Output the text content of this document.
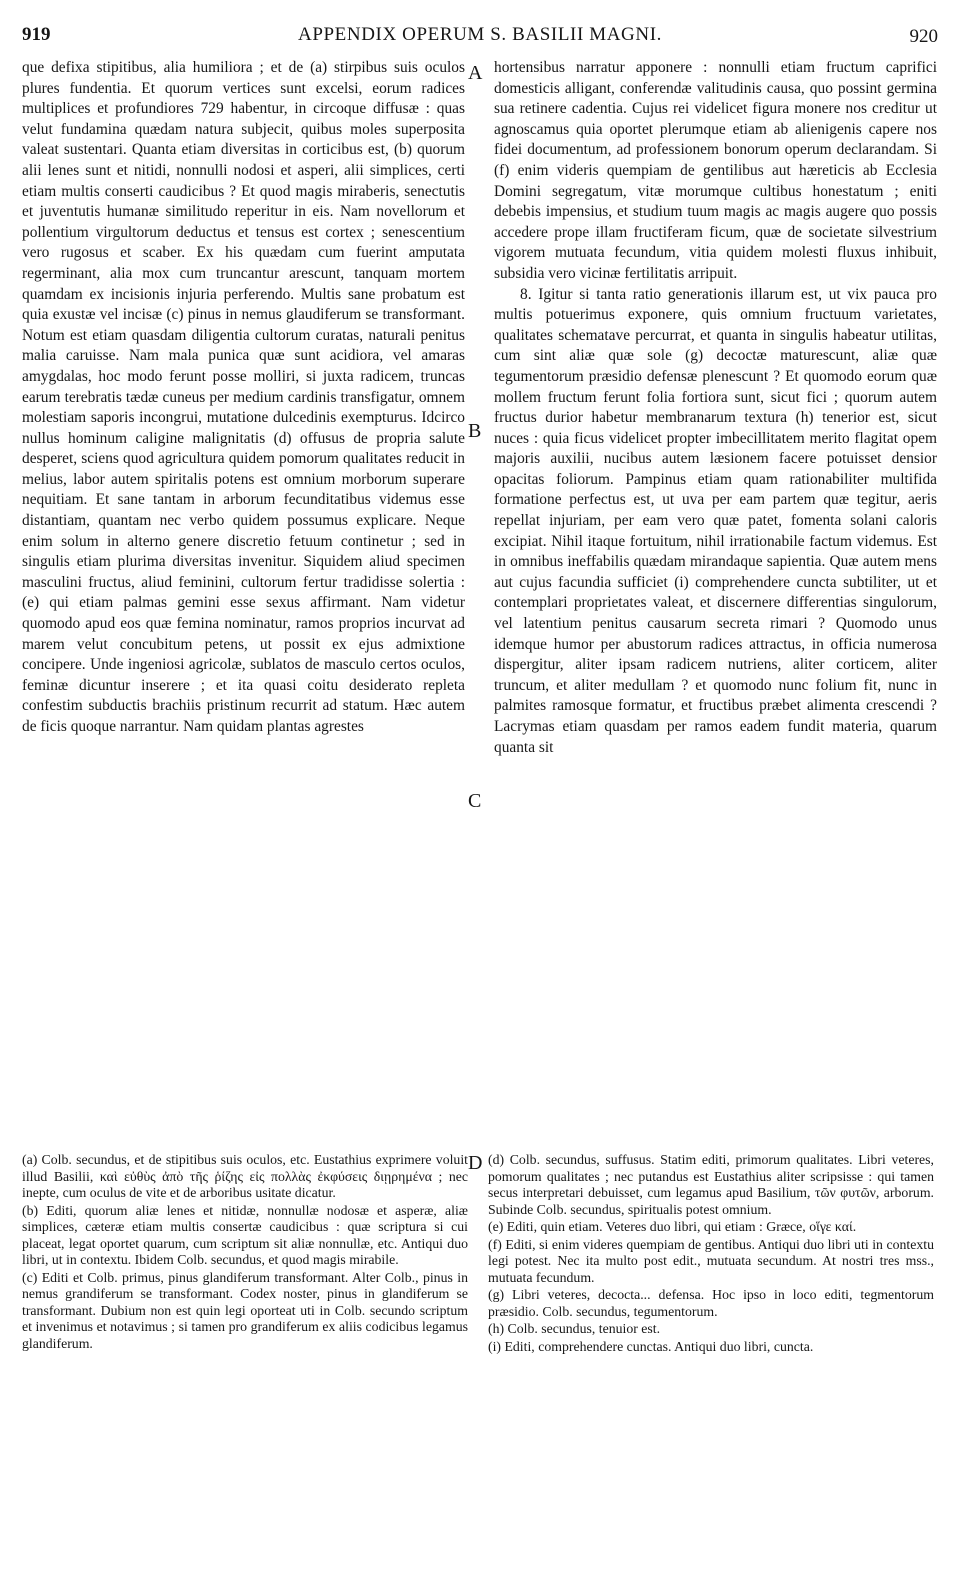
919	APPENDIX OPERUM S. BASILII MAGNI.	920
que defixa stipitibus, alia humiliora ; et de (a) stirpibus suis oculos plures fundentia. Et quorum vertices sunt excelsi, eorum radices multiplices et profundiores 729 habentur, in circoque diffusæ : quas velut fundamina quædam natura subjecit, quibus moles superposita valeat sustentari. Quanta etiam diversitas in corticibus est, (b) quorum alii lenes sunt et nitidi, nonnulli nodosi et asperi, alii simplices, certi etiam multis conserti caudicibus ? Et quod magis miraberis, senectutis et juventutis humanæ similitudo reperitur in eis. Nam novellorum et pollentium virgultorum deductus et tensus est cortex ; senescentium vero rugosus et scaber. Ex his quædam cum fuerint amputata regerminant, alia mox cum truncantur arescunt, tanquam mortem quamdam ex incisionis injuria perferendo. Multis sane probatum est quia exustæ vel incisæ (c) pinus in nemus glaudiferum se transformant. Notum est etiam quasdam diligentia cultorum curatas, naturali penitus malia caruisse. Nam mala punica quæ sunt acidiora, vel amaras amygdalas, hoc modo ferunt posse molliri, si juxta radicem, truncas earum terebratis tædæ cuneus per medium cardinis transfigatur, omnem molestiam saporis incongrui, mutatione dulcedinis exempturus. Idcirco nullus hominum caligine malignitatis (d) offusus de propria salute desperet, sciens quod agricultura quidem pomorum qualitates reducit in melius, labor autem spiritalis potens est omnium morborum superare nequitiam. Et sane tantam in arborum fecunditatibus videmus esse distantiam, quantam nec verbo quidem possumus explicare. Neque enim solum in alterno genere discretio fetuum continetur ; sed in singulis etiam plurima diversitas invenitur. Siquidem aliud specimen masculini fructus, aliud feminini, cultorum fertur tradidisse solertia : (e) qui etiam palmas gemini esse sexus affirmant. Nam videtur quomodo apud eos quæ femina nominatur, ramos proprios incurvat ad marem velut concubitum petens, ut possit ex ejus admixtione concipere. Unde ingeniosi agricolæ, sublatos de masculo certos oculos, feminæ dicuntur inserere ; et ita quasi coitu desiderato repleta confestim subductis brachiis pristinum recurrit ad statum. Hæc autem de ficis quoque narrantur. Nam quidam plantas agrestes
A
B
C
D
hortensibus narratur apponere : nonnulli etiam fructum caprifici domesticis alligant, conferendæ valitudinis causa, quo possint germina sua retinere cadentia. Cujus rei videlicet figura monere nos creditur ut agnoscamus quia oportet plerumque etiam ab alienigenis capere nos fidei documentum, ad professionem bonorum operum declarandam. Si (f) enim videris quempiam de gentilibus aut hæreticis ab Ecclesia Domini segregatum, vitæ morumque cultibus honestatum ; eniti debebis impensius, et studium tuum magis ac magis augere quo possis accedere prope illam fructiferam ficum, quæ de societate silvestrium vigorem mutuata fecundum, vitia quidem molesti fluxus inhibuit, subsidia vero vicinæ fertilitatis arripuit.
8. Igitur si tanta ratio generationis illarum est, ut vix pauca pro multis potuerimus exponere, quis omnium fructuum varietates, qualitates schematave percurrat, et quanta in singulis habeatur utilitas, cum sint aliæ quæ sole (g) decoctæ maturescunt, aliæ quæ tegumentorum præsidio defensæ plenescunt ? Et quomodo eorum quæ mollem fructum ferunt folia fortiora sunt, sicut fici ; quorum autem fructus durior habetur membranarum textura (h) tenerior est, sicut nuces : quia ficus videlicet propter imbecillitatem merito flagitat opem majoris auxilii, nucibus autem læsionem facere potuisset densior opacitas foliorum. Pampinus etiam quam rationabiliter multifida formatione perfectus est, ut uva per eam partem quæ tegitur, aeris repellat injuriam, per eam vero quæ patet, fomenta solani caloris excipiat. Nihil itaque fortuitum, nihil irrationabile factum videmus. Est in omnibus ineffabilis quædam mirandaque sapientia. Quæ autem mens aut cujus facundia sufficiet (i) comprehendere cuncta subtiliter, ut et contemplari proprietates valeat, et discernere differentias singulorum, vel latentium penitus causarum secreta rimari ? Quomodo unus idemque humor per abustorum radices attractus, in officia numerosa dispergitur, aliter ipsam radicem nutriens, aliter corticem, aliter truncum, et aliter medullam ? et quomodo nunc folium fit, nunc in palmites ramosque formatur, et fructibus præbet alimenta crescendi ? Lacrymas etiam quasdam per ramos eadem fundit materia, quarum quanta sit
(a) Colb. secundus, et de stipitibus suis oculos, etc. Eustathius exprimere voluit illud Basilii, καὶ εὐθὺς ἀπὸ τῆς ῥίζης εἰς πολλὰς ἐκφύσεις διῃρημένα ; nec inepte, cum oculus de vite et de arboribus usitate dicatur.
(b) Editi, quorum aliæ lenes et nitidæ, nonnullæ nodosæ et asperæ, aliæ simplices, cæteræ etiam multis consertæ caudicibus : quæ scriptura si cui placeat, legat oportet quarum, cum scriptum sit aliæ nonnullæ, etc. Antiqui duo libri, ut in contextu. Ibidem Colb. secundus, et quod magis mirabile.
(c) Editi et Colb. primus, pinus glandiferum transformant. Alter Colb., pinus in nemus grandiferum se transformant. Codex noster, pinus in glandiferum se transformant. Dubium non est quin legi oporteat uti in Colb. secundo scriptum et invenimus et notavimus ; si tamen pro grandiferum ex aliis codicibus legamus glandiferum.
(d) Colb. secundus, suffusus. Statim editi, primorum qualitates. Libri veteres, pomorum qualitates ; nec putandus est Eustathius aliter scripsisse : qui tamen secus interpretari debuisset, cum legamus apud Basilium, τῶν φυτῶν, arborum. Subinde Colb. secundus, spiritualis potest omnium.
(e) Editi, quin etiam. Veteres duo libri, qui etiam : Græce, οἵγε καί.
(f) Editi, si enim videres quempiam de gentibus. Antiqui duo libri uti in contextu legi potest. Nec ita multo post edit., mutuata secundum. At nostri tres mss., mutuata fecundum.
(g) Libri veteres, decocta... defensa. Hoc ipso in loco editi, tegmentorum præsidio. Colb. secundus, tegumentorum.
(h) Colb. secundus, tenuior est.
(i) Editi, comprehendere cunctas. Antiqui duo libri, cuncta.
